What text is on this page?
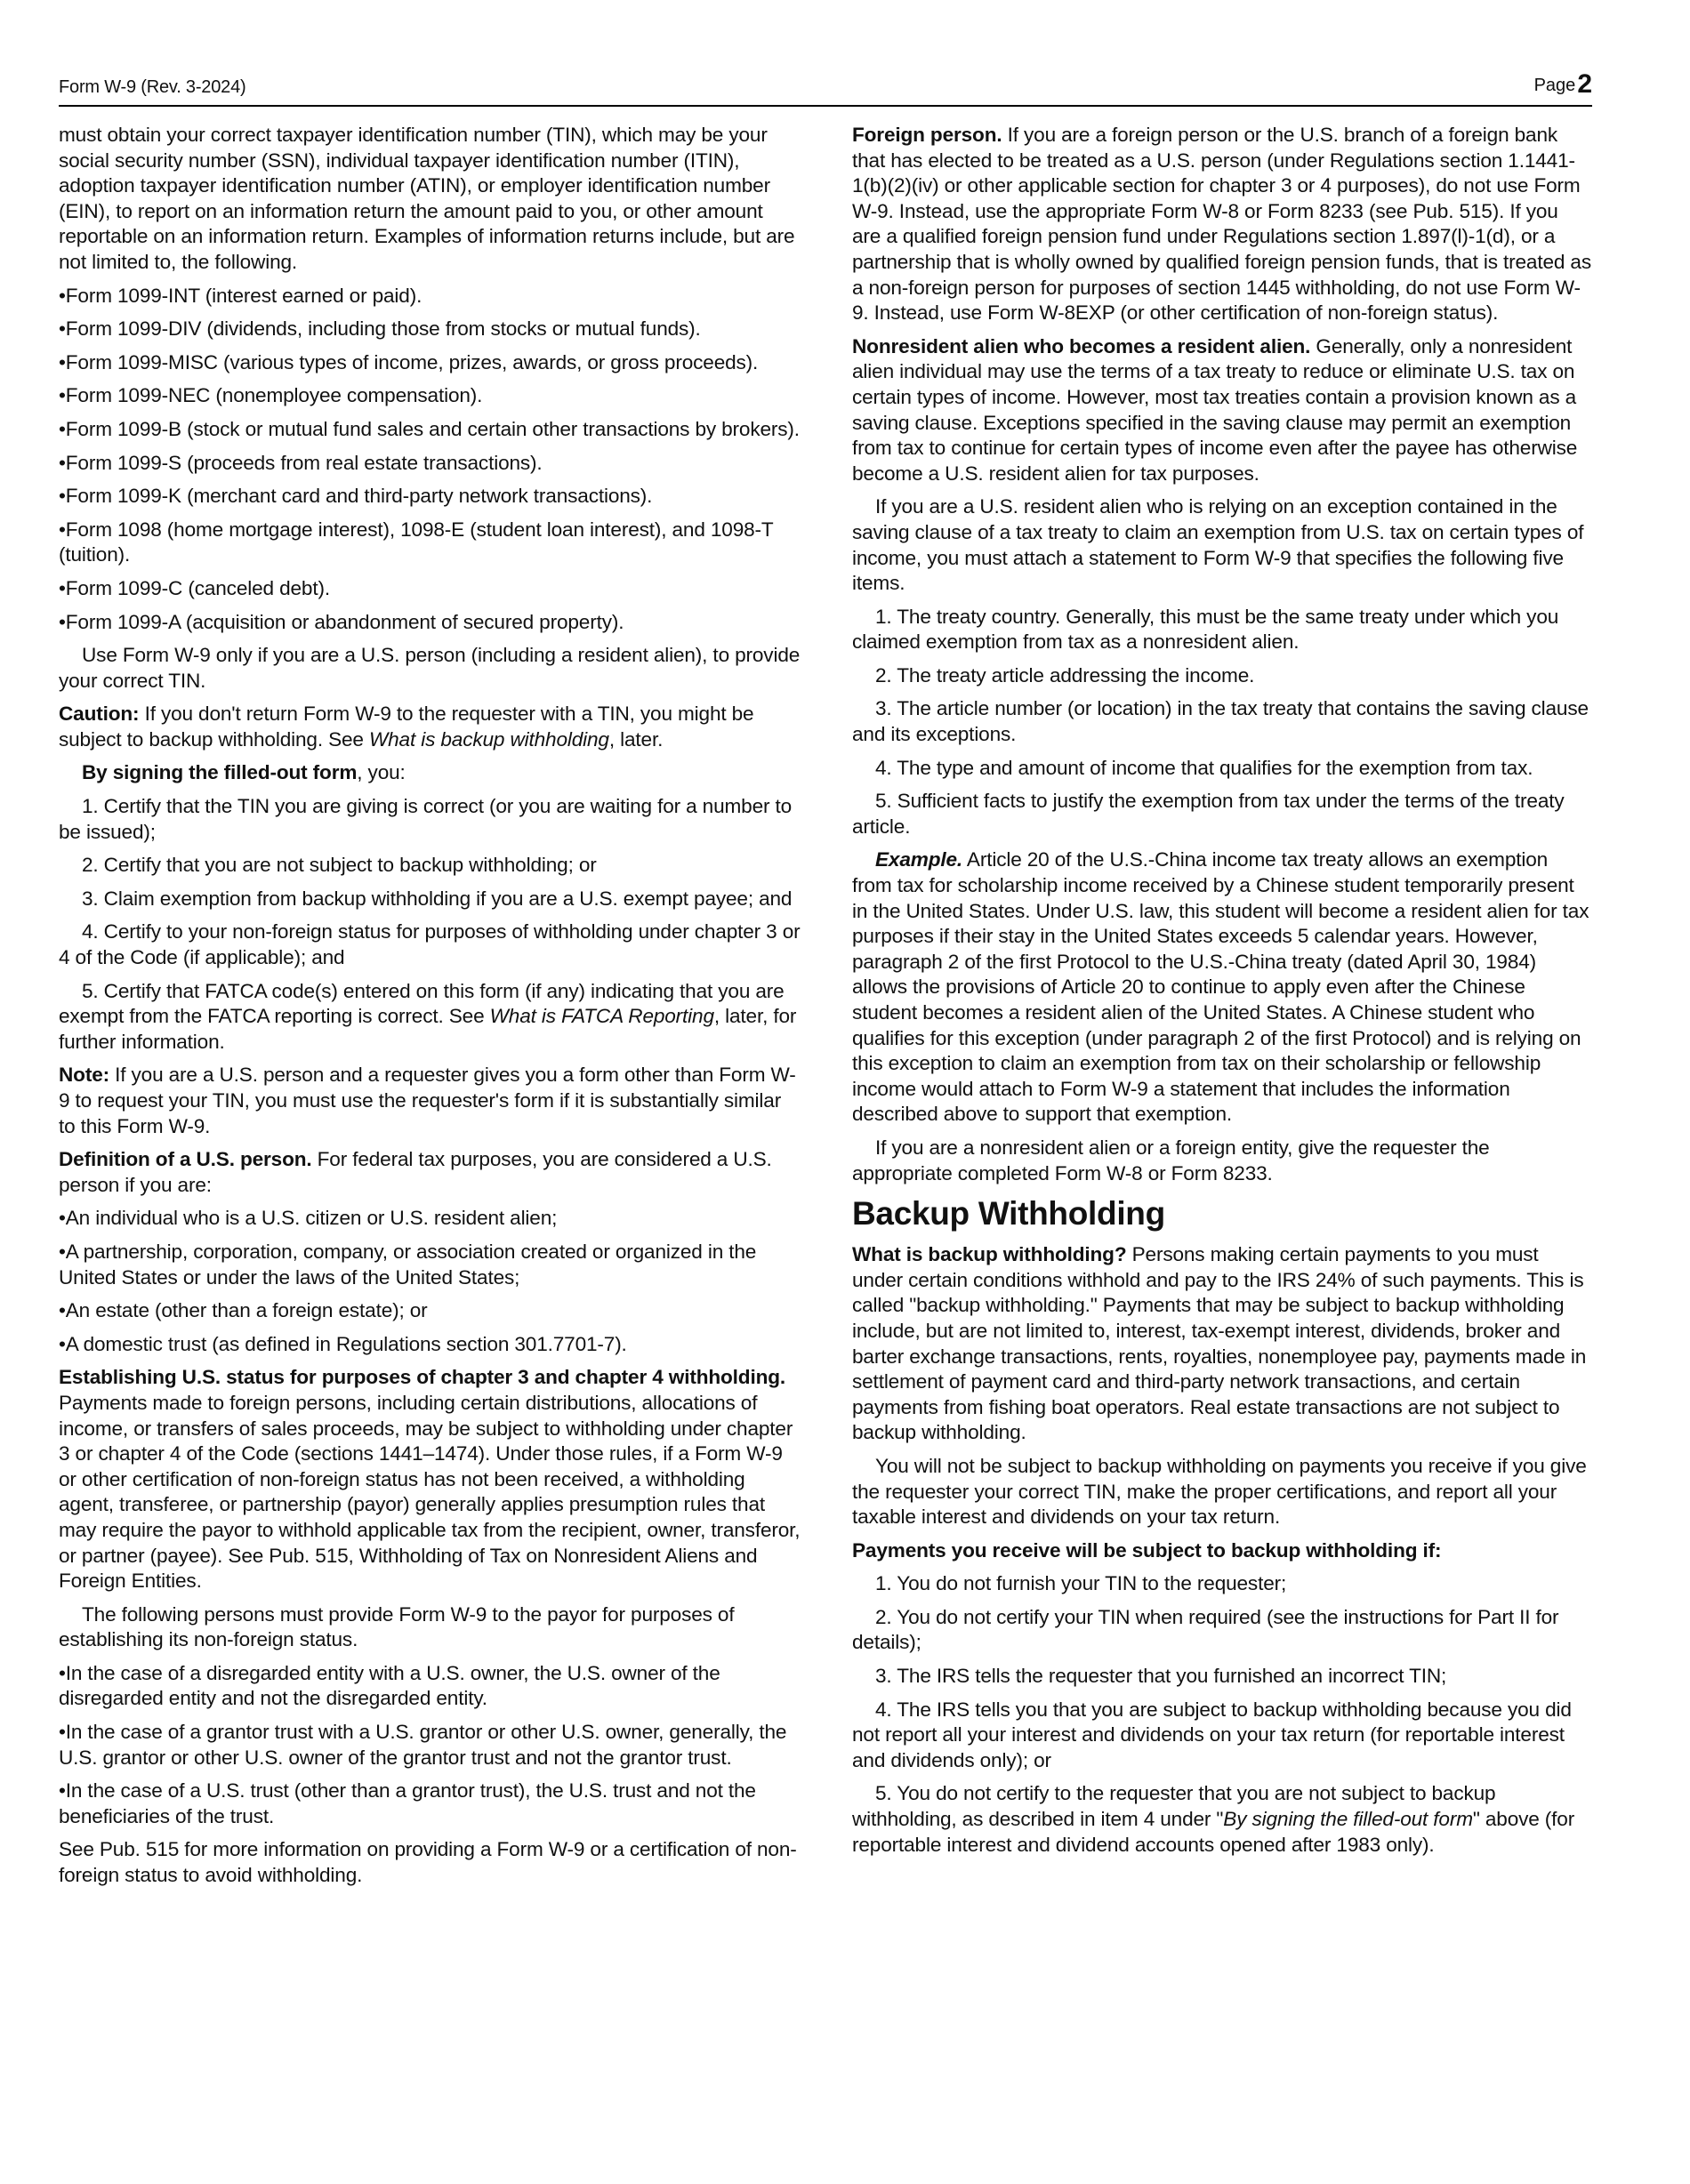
Form W-9 (Rev. 3-2024)	Page2

must obtain your correct taxpayer identification number (TIN), which may be your social security number (SSN), individual taxpayer identification number (ITIN), adoption taxpayer identification number (ATIN), or employer identification number (EIN), to report on an information return the amount paid to you, or other amount reportable on an information return. Examples of information returns include, but are not limited to, the following.

• Form 1099-INT (interest earned or paid).

• Form 1099-DIV (dividends, including those from stocks or mutual funds).

• Form 1099-MISC (various types of income, prizes, awards, or gross proceeds).

• Form 1099-NEC (nonemployee compensation).

• Form 1099-B (stock or mutual fund sales and certain other transactions by brokers).

• Form 1099-S (proceeds from real estate transactions).

• Form 1099-K (merchant card and third-party network transactions).

• Form 1098 (home mortgage interest), 1098-E (student loan interest), and 1098-T (tuition).

• Form 1099-C (canceled debt).

• Form 1099-A (acquisition or abandonment of secured property).

Use Form W-9 only if you are a U.S. person (including a resident alien), to provide your correct TIN.

Caution: If you don't return Form W-9 to the requester with a TIN, you might be subject to backup withholding. See What is backup withholding, later.

By signing the filled-out form, you:

1. Certify that the TIN you are giving is correct (or you are waiting for a number to be issued);

2. Certify that you are not subject to backup withholding; or

3. Claim exemption from backup withholding if you are a U.S. exempt payee; and

4. Certify to your non-foreign status for purposes of withholding under chapter 3 or 4 of the Code (if applicable); and

5. Certify that FATCA code(s) entered on this form (if any) indicating that you are exempt from the FATCA reporting is correct. See What is FATCA Reporting, later, for further information.

Note: If you are a U.S. person and a requester gives you a form other than Form W-9 to request your TIN, you must use the requester's form if it is substantially similar to this Form W-9.

Definition of a U.S. person. For federal tax purposes, you are considered a U.S. person if you are:

• An individual who is a U.S. citizen or U.S. resident alien;

• A partnership, corporation, company, or association created or organized in the United States or under the laws of the United States;

• An estate (other than a foreign estate); or

• A domestic trust (as defined in Regulations section 301.7701-7).

Establishing U.S. status for purposes of chapter 3 and chapter 4 withholding. Payments made to foreign persons, including certain distributions, allocations of income, or transfers of sales proceeds, may be subject to withholding under chapter 3 or chapter 4 of the Code (sections 1441–1474). Under those rules, if a Form W-9 or other certification of non-foreign status has not been received, a withholding agent, transferee, or partnership (payor) generally applies presumption rules that may require the payor to withhold applicable tax from the recipient, owner, transferor, or partner (payee). See Pub. 515, Withholding of Tax on Nonresident Aliens and Foreign Entities.

The following persons must provide Form W-9 to the payor for purposes of establishing its non-foreign status.

• In the case of a disregarded entity with a U.S. owner, the U.S. owner of the disregarded entity and not the disregarded entity.

• In the case of a grantor trust with a U.S. grantor or other U.S. owner, generally, the U.S. grantor or other U.S. owner of the grantor trust and not the grantor trust.

• In the case of a U.S. trust (other than a grantor trust), the U.S. trust and not the beneficiaries of the trust.

See Pub. 515 for more information on providing a Form W-9 or a certification of non-foreign status to avoid withholding.

Foreign person. If you are a foreign person or the U.S. branch of a foreign bank that has elected to be treated as a U.S. person (under Regulations section 1.1441-1(b)(2)(iv) or other applicable section for chapter 3 or 4 purposes), do not use Form W-9. Instead, use the appropriate Form W-8 or Form 8233 (see Pub. 515). If you are a qualified foreign pension fund under Regulations section 1.897(l)-1(d), or a partnership that is wholly owned by qualified foreign pension funds, that is treated as a non-foreign person for purposes of section 1445 withholding, do not use Form W-9. Instead, use Form W-8EXP (or other certification of non-foreign status).

Nonresident alien who becomes a resident alien. Generally, only a nonresident alien individual may use the terms of a tax treaty to reduce or eliminate U.S. tax on certain types of income. However, most tax treaties contain a provision known as a saving clause. Exceptions specified in the saving clause may permit an exemption from tax to continue for certain types of income even after the payee has otherwise become a U.S. resident alien for tax purposes.

If you are a U.S. resident alien who is relying on an exception contained in the saving clause of a tax treaty to claim an exemption from U.S. tax on certain types of income, you must attach a statement to Form W-9 that specifies the following five items.

1. The treaty country. Generally, this must be the same treaty under which you claimed exemption from tax as a nonresident alien.

2. The treaty article addressing the income.

3. The article number (or location) in the tax treaty that contains the saving clause and its exceptions.

4. The type and amount of income that qualifies for the exemption from tax.

5. Sufficient facts to justify the exemption from tax under the terms of the treaty article.

Example. Article 20 of the U.S.-China income tax treaty allows an exemption from tax for scholarship income received by a Chinese student temporarily present in the United States. Under U.S. law, this student will become a resident alien for tax purposes if their stay in the United States exceeds 5 calendar years. However, paragraph 2 of the first Protocol to the U.S.-China treaty (dated April 30, 1984) allows the provisions of Article 20 to continue to apply even after the Chinese student becomes a resident alien of the United States. A Chinese student who qualifies for this exception (under paragraph 2 of the first Protocol) and is relying on this exception to claim an exemption from tax on their scholarship or fellowship income would attach to Form W-9 a statement that includes the information described above to support that exemption.

If you are a nonresident alien or a foreign entity, give the requester the appropriate completed Form W-8 or Form 8233.

Backup Withholding

What is backup withholding? Persons making certain payments to you must under certain conditions withhold and pay to the IRS 24% of such payments. This is called "backup withholding." Payments that may be subject to backup withholding include, but are not limited to, interest, tax-exempt interest, dividends, broker and barter exchange transactions, rents, royalties, nonemployee pay, payments made in settlement of payment card and third-party network transactions, and certain payments from fishing boat operators. Real estate transactions are not subject to backup withholding.

You will not be subject to backup withholding on payments you receive if you give the requester your correct TIN, make the proper certifications, and report all your taxable interest and dividends on your tax return.

Payments you receive will be subject to backup withholding if:

1. You do not furnish your TIN to the requester;

2. You do not certify your TIN when required (see the instructions for Part II for details);

3. The IRS tells the requester that you furnished an incorrect TIN;

4. The IRS tells you that you are subject to backup withholding because you did not report all your interest and dividends on your tax return (for reportable interest and dividends only); or

5. You do not certify to the requester that you are not subject to backup withholding, as described in item 4 under "By signing the filled-out form" above (for reportable interest and dividend accounts opened after 1983 only).
